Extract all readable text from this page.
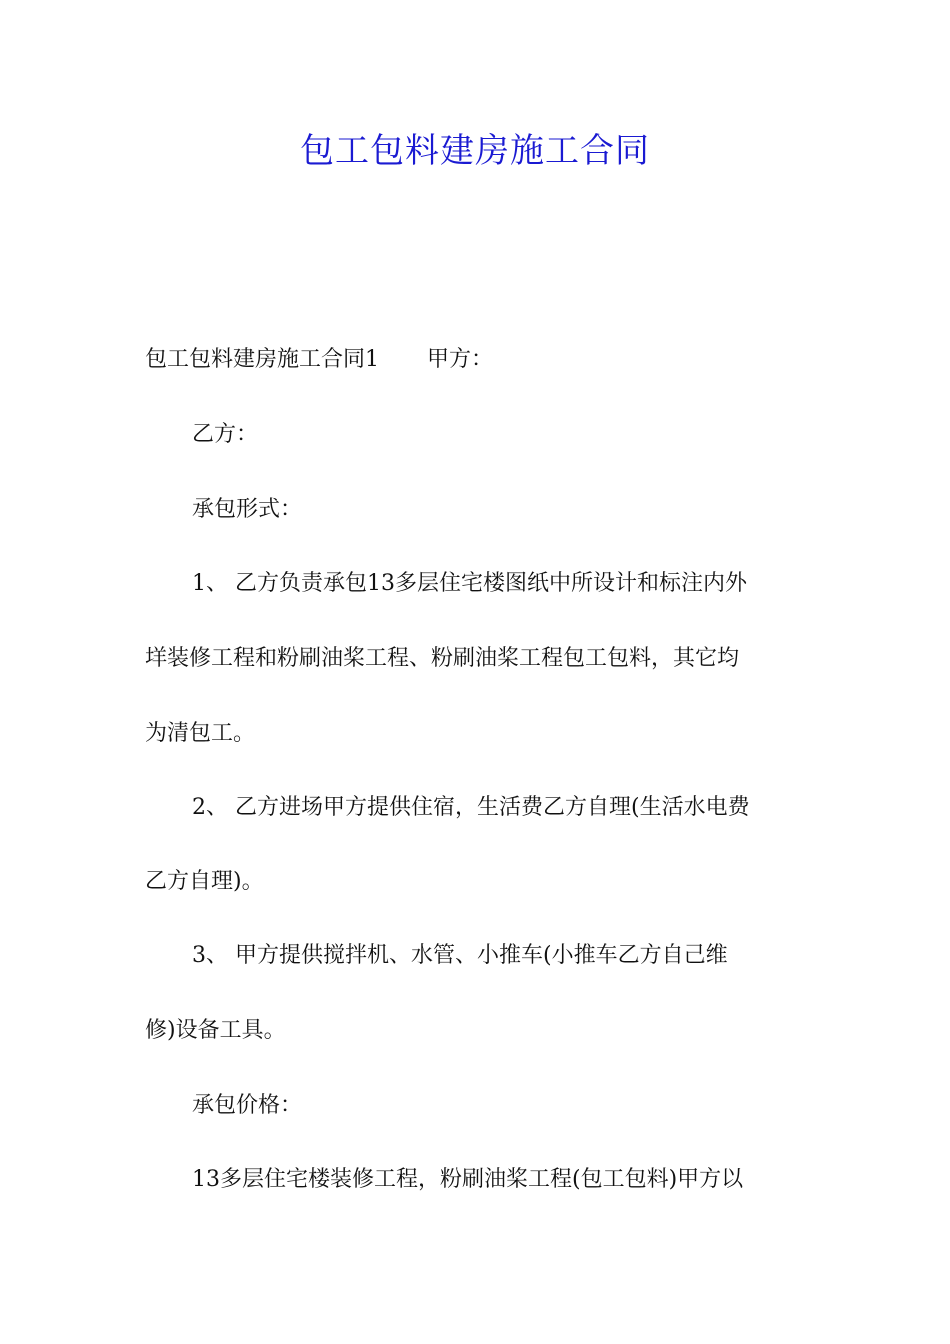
包工包料建房施工合同
包工包料建房施工合同1 甲方：
乙方：
承包形式：
1、 乙方负责承包13多层住宅楼图纸中所设计和标注内外
垟装修工程和粉刷油桨工程、粉刷油桨工程包工包料，其它均
为清包工。
2、 乙方进场甲方提供住宿，生活费乙方自理(生活水电费
乙方自理)。
3、 甲方提供搅拌机、水管、小推车(小推车乙方自己维
修)设备工具。
承包价格：
13多层住宅楼装修工程，粉刷油桨工程(包工包料)甲方以
